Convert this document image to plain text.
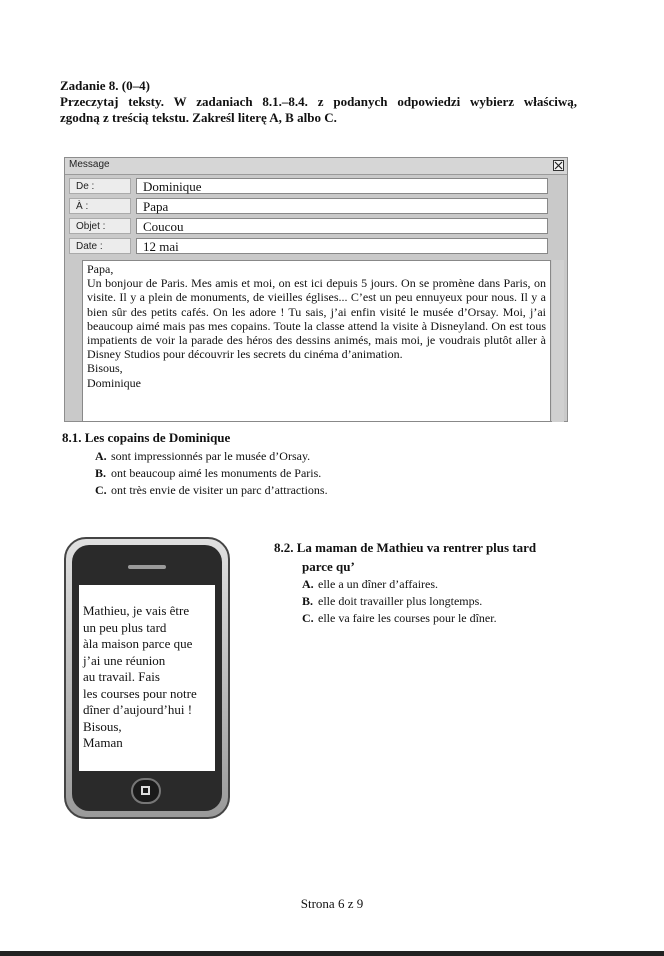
Zadanie 8. (0–4)
Przeczytaj teksty. W zadaniach 8.1.–8.4. z podanych odpowiedzi wybierz właściwą,
zgodną z treścią tekstu. Zakreśl literę A, B albo C.
Message
De :	Dominique
À :	Papa
Objet :	Coucou
Date :	12 mai
Papa,
Un bonjour de Paris. Mes amis et moi, on est ici depuis 5 jours. On se promène dans Paris, on visite. Il y a plein de monuments, de vieilles églises... C’est un peu ennuyeux pour nous. Il y a bien sûr des petits cafés. On les adore ! Tu sais, j’ai enfin visité le musée d’Orsay. Moi, j’ai beaucoup aimé mais pas mes copains. Toute la classe attend la visite à Disneyland. On est tous impatients de voir la parade des héros des dessins animés, mais moi, je voudrais plutôt aller à Disney Studios pour découvrir les secrets du cinéma d’animation.
Bisous,
Dominique
8.1. Les copains de Dominique
A. sont impressionnés par le musée d’Orsay.
B. ont beaucoup aimé les monuments de Paris.
C. ont très envie de visiter un parc d’attractions.
Mathieu, je vais être
un peu plus tard
àla maison parce que
j’ai une réunion
au travail. Fais
les courses pour notre
dîner d’aujourd’hui !
Bisous,
Maman
8.2. La maman de Mathieu va rentrer plus tard
parce qu’
A. elle a un dîner d’affaires.
B. elle doit travailler plus longtemps.
C. elle va faire les courses pour le dîner.
Strona 6 z 9
